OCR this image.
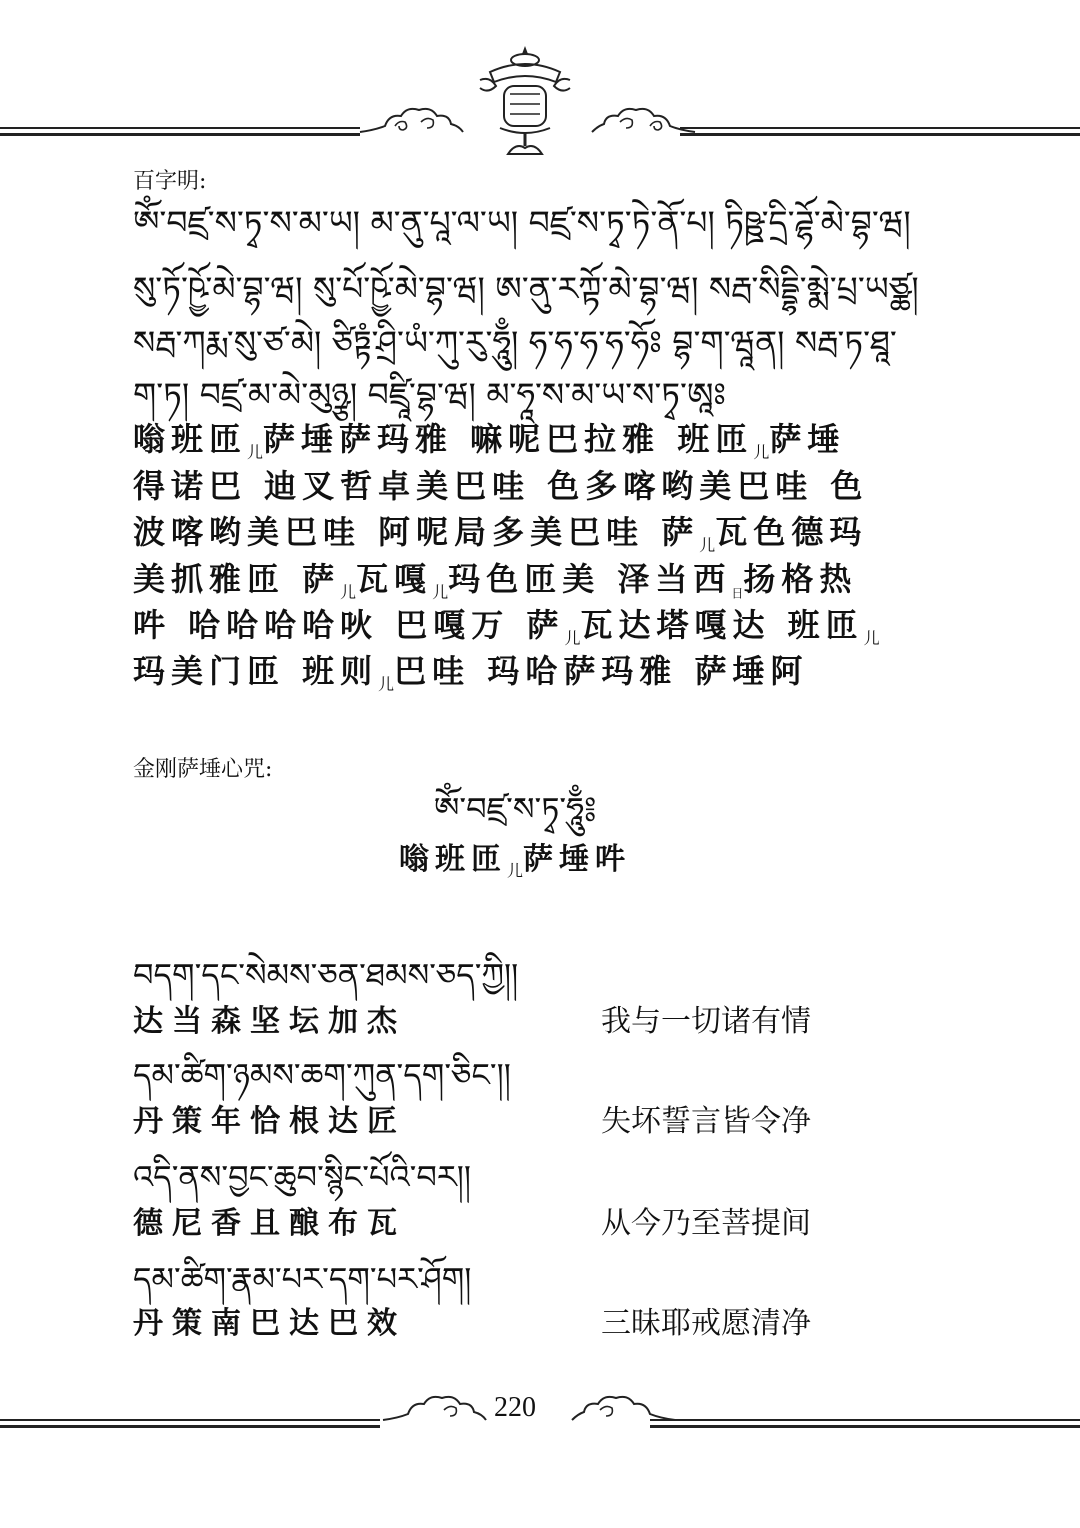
百字明:
ཨོཾ་བཛྲ་ས་ཏྭ་ས་མ་ཡ། མ་ནུ་པཱ་ལ་ཡ། བཛྲ་ས་ཏྭ་ཏེ་ནོ་པ། ཏིཥྛ་དྲི་ཌྷོ་མེ་བྷ་ཝ།
སུ་ཏོ་ཥྱོ་མེ་བྷ་ཝ། སུ་པོ་ཥྱོ་མེ་བྷ་ཝ། ཨ་ནུ་རཀྟོ་མེ་བྷ་ཝ། སརྦ་སིདྡྷི་མྨེ་པྲ་ཡཙྪ།
སརྦ་ཀརྨ་སུ་ཙ་མེ། ཙིཏྟཾ་ཤྲི་ཡཾ་ཀུ་རུ་ཧཱུྃ། ཧ་ཧ་ཧ་ཧ་ཧོཿ བྷ་ག་ཝཱན། སརྦ་ཏ་ཐཱ་
ག་ཏ། བཛྲ་མ་མེ་མུཉྩ། བཛྲཱི་བྷ་ཝ། མ་ཧཱ་ས་མ་ཡ་ས་ཏྭ་ཨཱཿ
嗡班匝$_儿$萨埵萨玛雅 嘛呢巴拉雅 班匝$_儿$萨埵
得诺巴 迪叉哲卓美巴哇 色多喀哟美巴哇 色
波喀哟美巴哇 阿呢局多美巴哇 萨$_儿$瓦色德玛
美抓雅匝 萨$_儿$瓦嘎$_儿$玛色匝美 泽当西$_日$扬格热
吽 哈哈哈哈吙 巴嘎万 萨$_儿$瓦达塔嘎达 班匝$_儿$
玛美门匝 班则$_儿$巴哇 玛哈萨玛雅 萨埵阿
金刚萨埵心咒:
ཨོཾ་བཛྲ་ས་ཏྭ་ཧཱུྃ༔
嗡班匝$_儿$萨埵吽
བདག་དང་སེམས་ཅན་ཐམས་ཅད་ཀྱི།།
达当森坚坛加杰	我与一切诸有情
དམ་ཚིག་ཉམས་ཆག་ཀུན་དག་ཅིང་།།
丹策年恰根达匠	失坏誓言皆令净
འདི་ནས་བྱང་ཆུབ་སྙིང་པོའི་བར།།
德尼香且酿布瓦	从今乃至菩提间
དམ་ཚིག་རྣམ་པར་དག་པར་ཤོག།
丹策南巴达巴效	三昧耶戒愿清净
220
